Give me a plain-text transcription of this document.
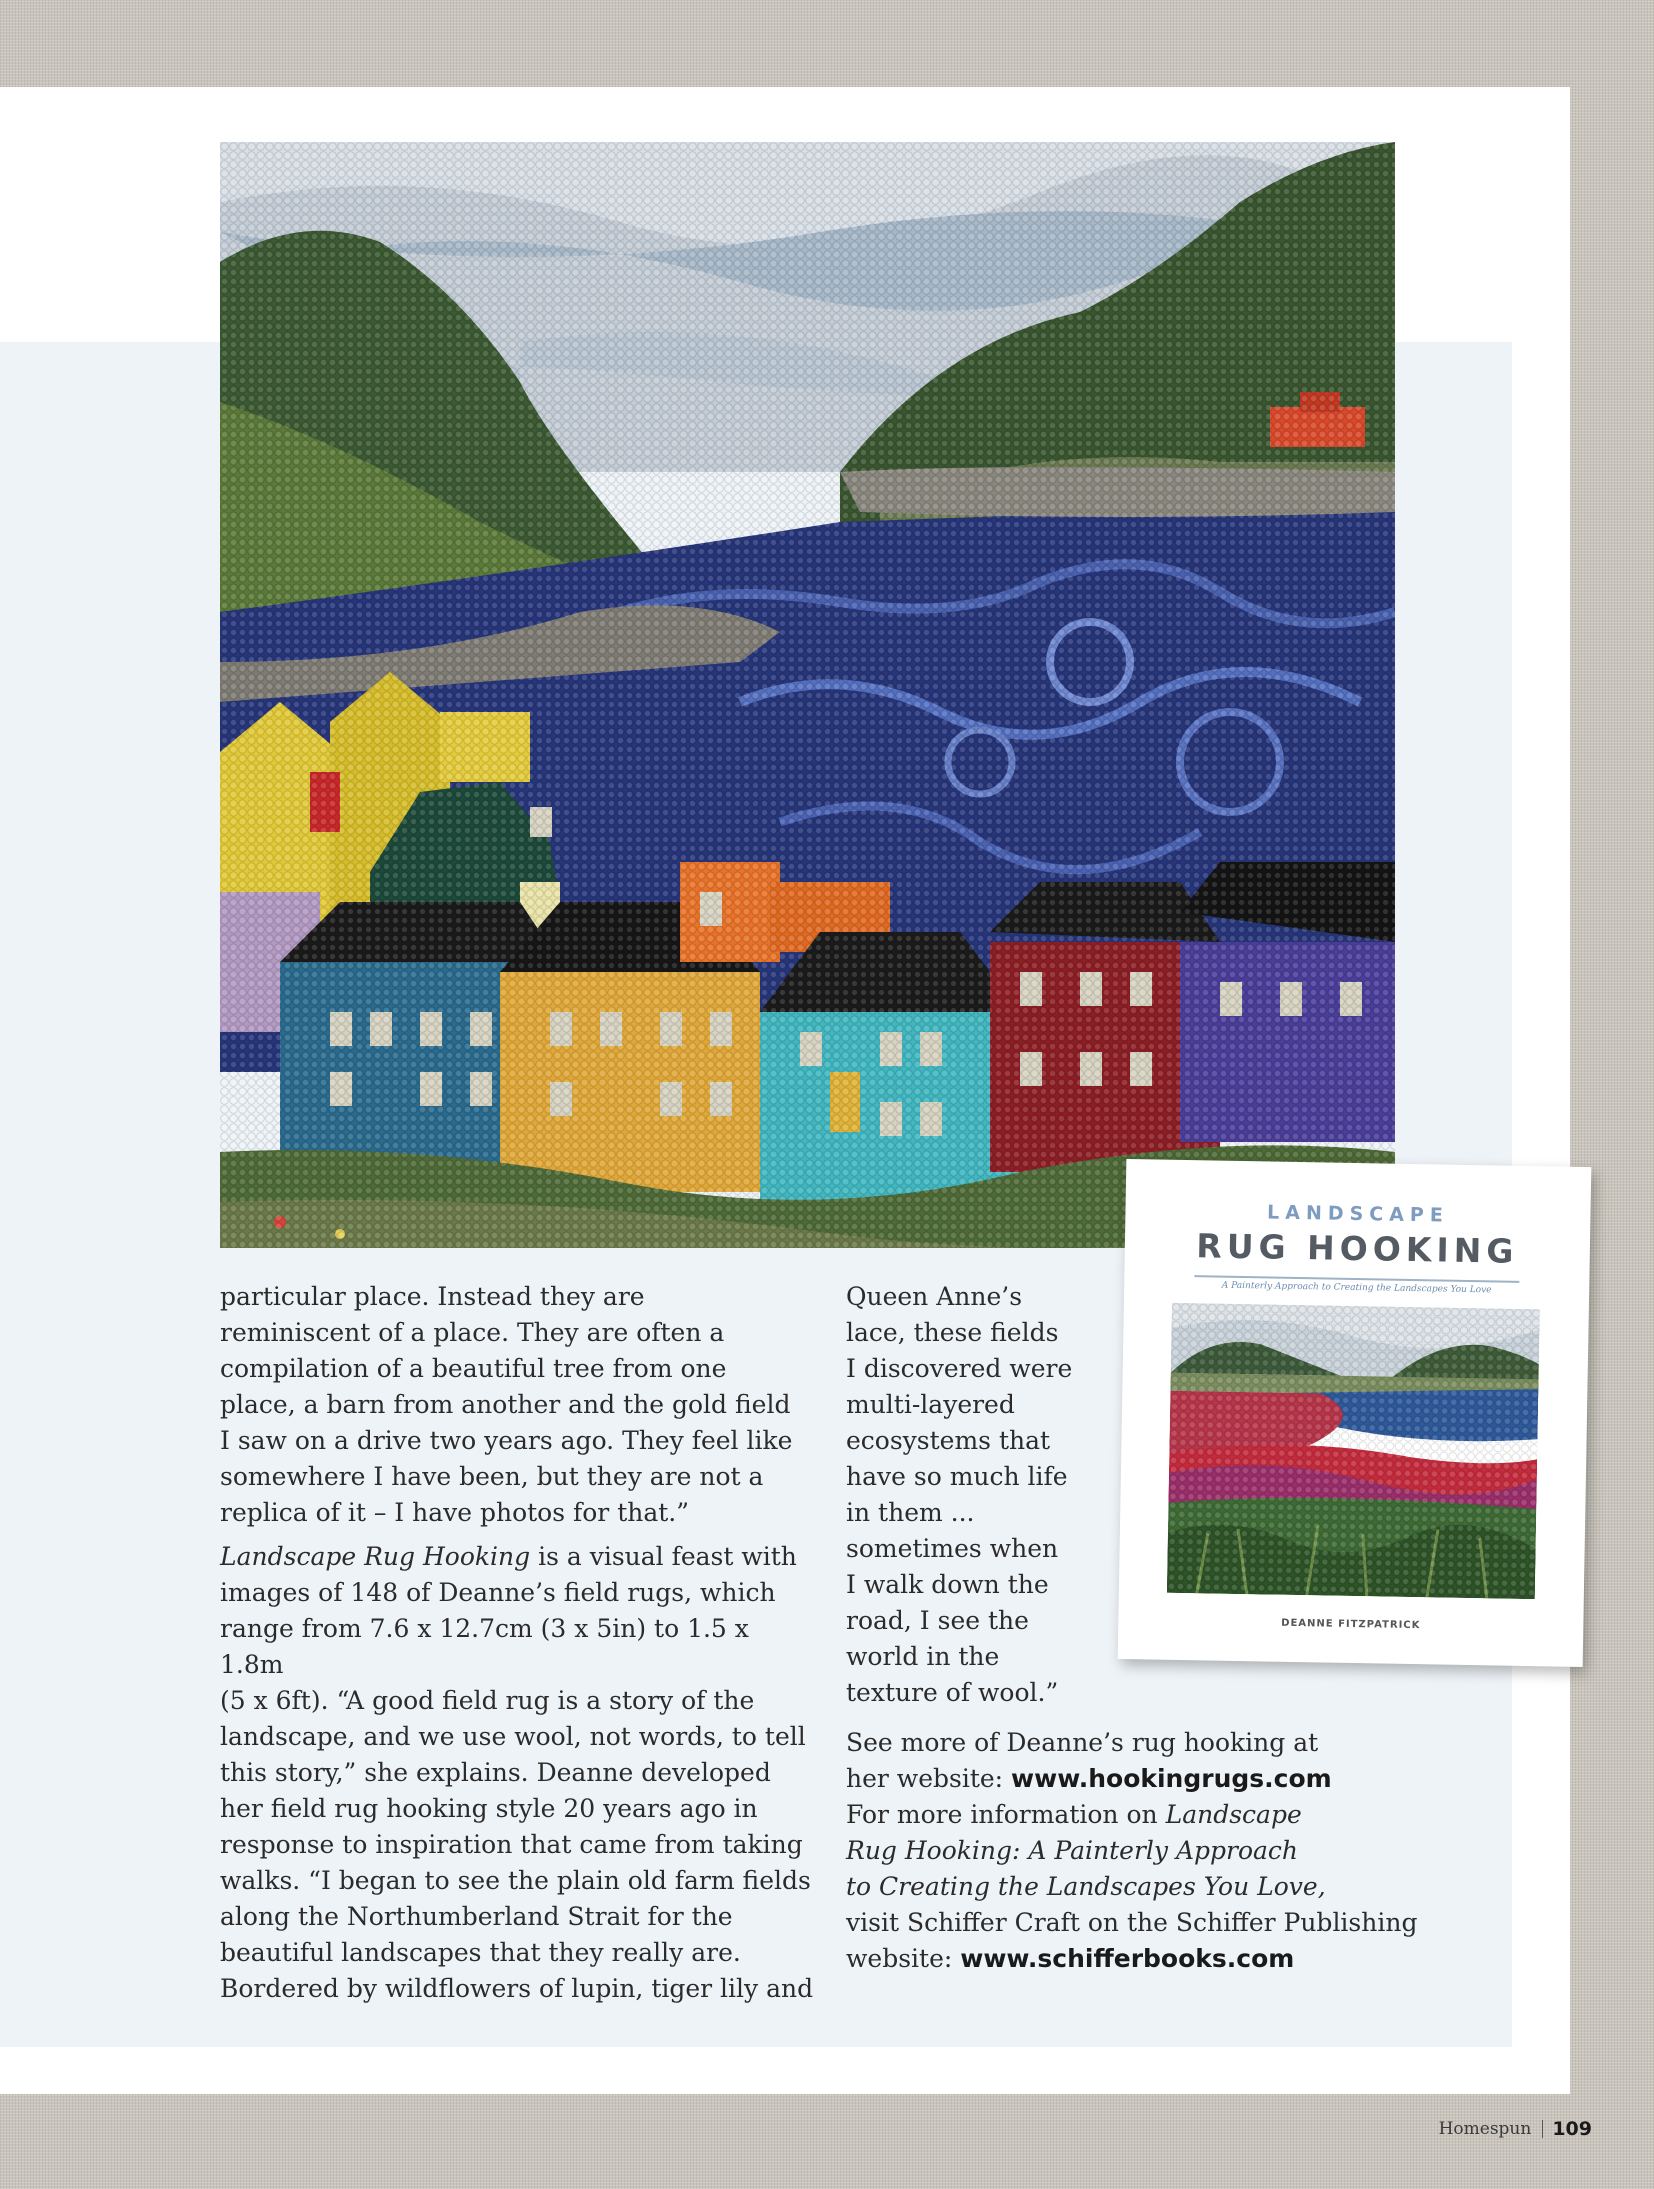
particular place. Instead they are
reminiscent of a place. They are often a
compilation of a beautiful tree from one
place, a barn from another and the gold field
I saw on a drive two years ago. They feel like
somewhere I have been, but they are not a
replica of it – I have photos for that.”

Landscape Rug Hooking is a visual feast with
images of 148 of Deanne’s field rugs, which
range from 7.6 x 12.7cm (3 x 5in) to 1.5 x 1.8m
(5 x 6ft). “A good field rug is a story of the
landscape, and we use wool, not words, to tell
this story,” she explains. Deanne developed
her field rug hooking style 20 years ago in
response to inspiration that came from taking
walks. “I began to see the plain old farm fields
along the Northumberland Strait for the
beautiful landscapes that they really are.
Bordered by wildflowers of lupin, tiger lily and

Queen Anne’s
lace, these fields
I discovered were
multi-layered
ecosystems that
have so much life
in them ...
sometimes when
I walk down the
road, I see the
world in the
texture of wool.”

See more of Deanne’s rug hooking at
her website: www.hookingrugs.com
For more information on Landscape
Rug Hooking: A Painterly Approach
to Creating the Landscapes You Love,
visit Schiffer Craft on the Schiffer Publishing
website: www.schifferbooks.com

LANDSCAPE
RUG HOOKING
A Painterly Approach to Creating the Landscapes You Love
DEANNE FITZPATRICK
Homespun 109
